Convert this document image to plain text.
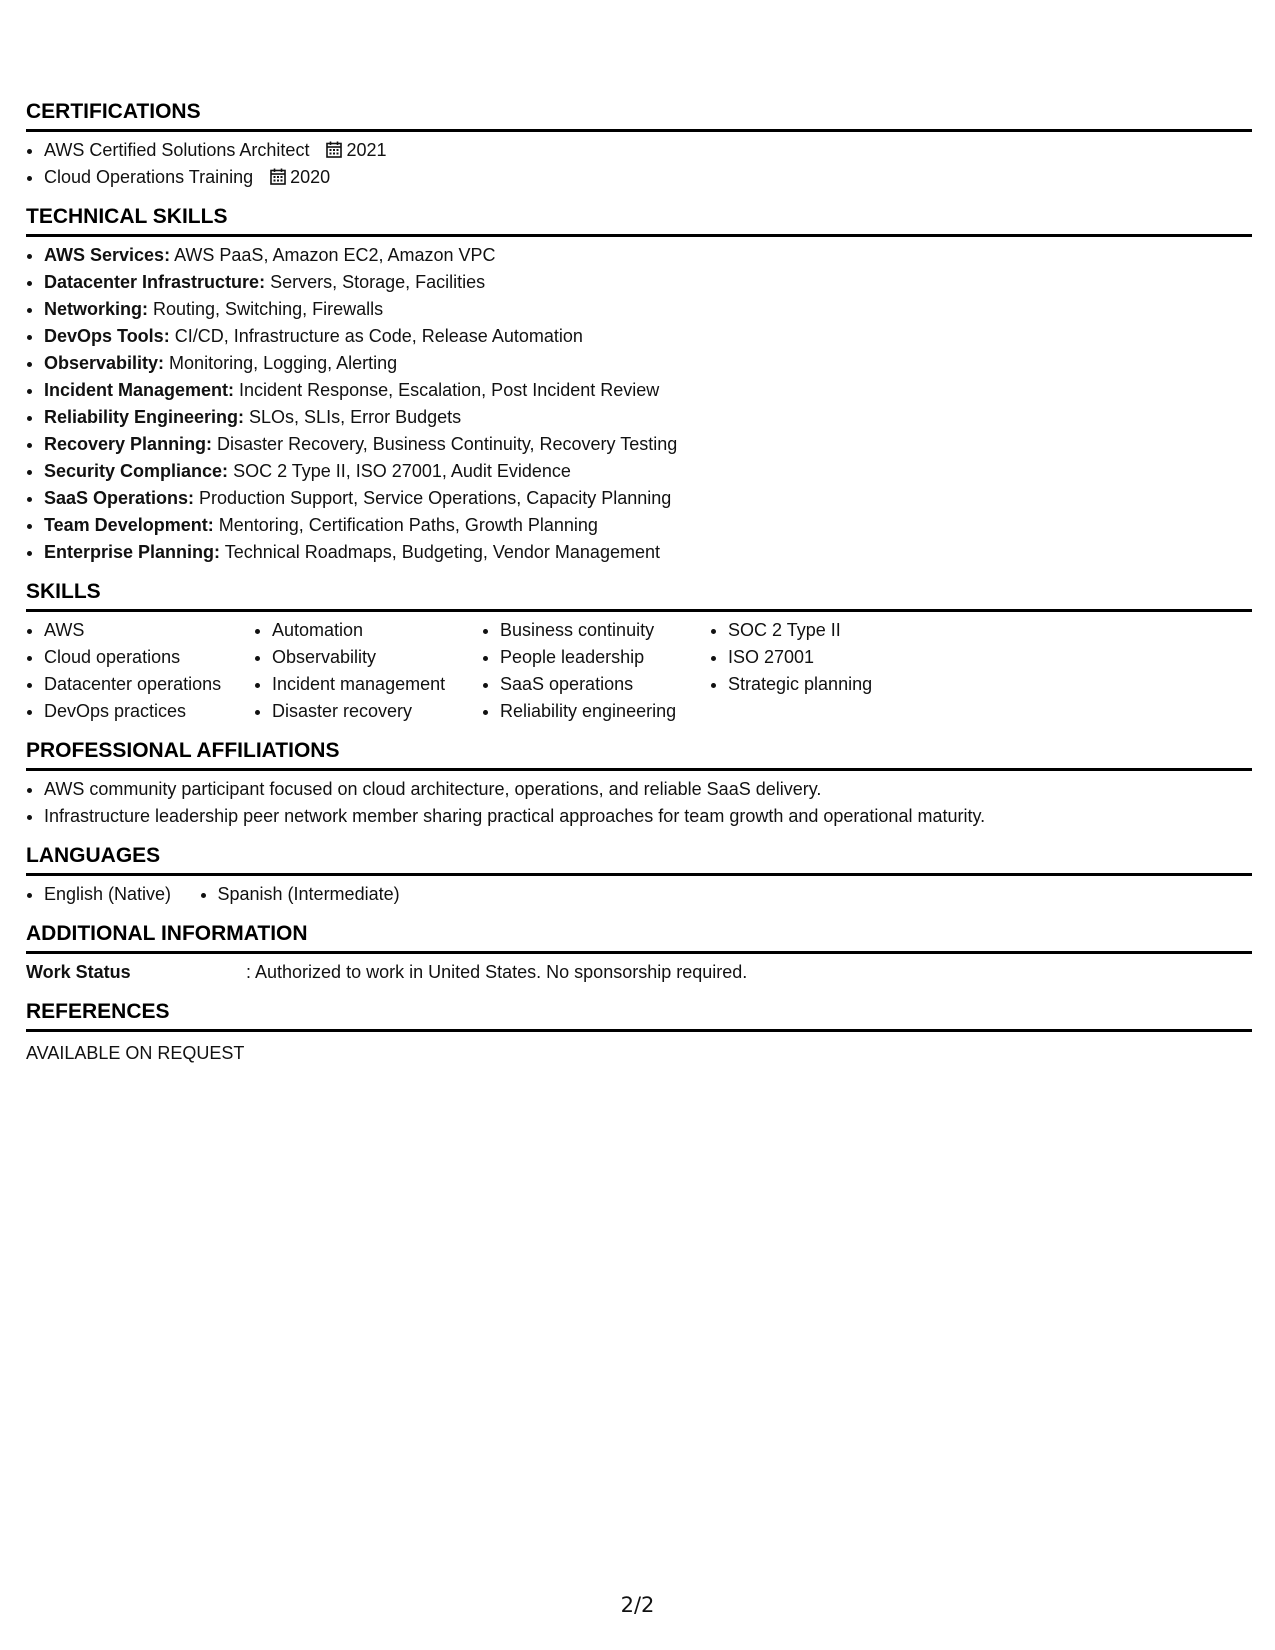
CERTIFICATIONS
AWS Certified Solutions Architect 2021
Cloud Operations Training 2020
TECHNICAL SKILLS
AWS Services: AWS PaaS, Amazon EC2, Amazon VPC
Datacenter Infrastructure: Servers, Storage, Facilities
Networking: Routing, Switching, Firewalls
DevOps Tools: CI/CD, Infrastructure as Code, Release Automation
Observability: Monitoring, Logging, Alerting
Incident Management: Incident Response, Escalation, Post Incident Review
Reliability Engineering: SLOs, SLIs, Error Budgets
Recovery Planning: Disaster Recovery, Business Continuity, Recovery Testing
Security Compliance: SOC 2 Type II, ISO 27001, Audit Evidence
SaaS Operations: Production Support, Service Operations, Capacity Planning
Team Development: Mentoring, Certification Paths, Growth Planning
Enterprise Planning: Technical Roadmaps, Budgeting, Vendor Management
SKILLS
AWS
Cloud operations
Datacenter operations
DevOps practices
Automation
Observability
Incident management
Disaster recovery
Business continuity
People leadership
SaaS operations
Reliability engineering
SOC 2 Type II
ISO 27001
Strategic planning
PROFESSIONAL AFFILIATIONS
AWS community participant focused on cloud architecture, operations, and reliable SaaS delivery.
Infrastructure leadership peer network member sharing practical approaches for team growth and operational maturity.
LANGUAGES
English (Native)	Spanish (Intermediate)
ADDITIONAL INFORMATION
Work Status	: Authorized to work in United States. No sponsorship required.
REFERENCES
AVAILABLE ON REQUEST
2/2
